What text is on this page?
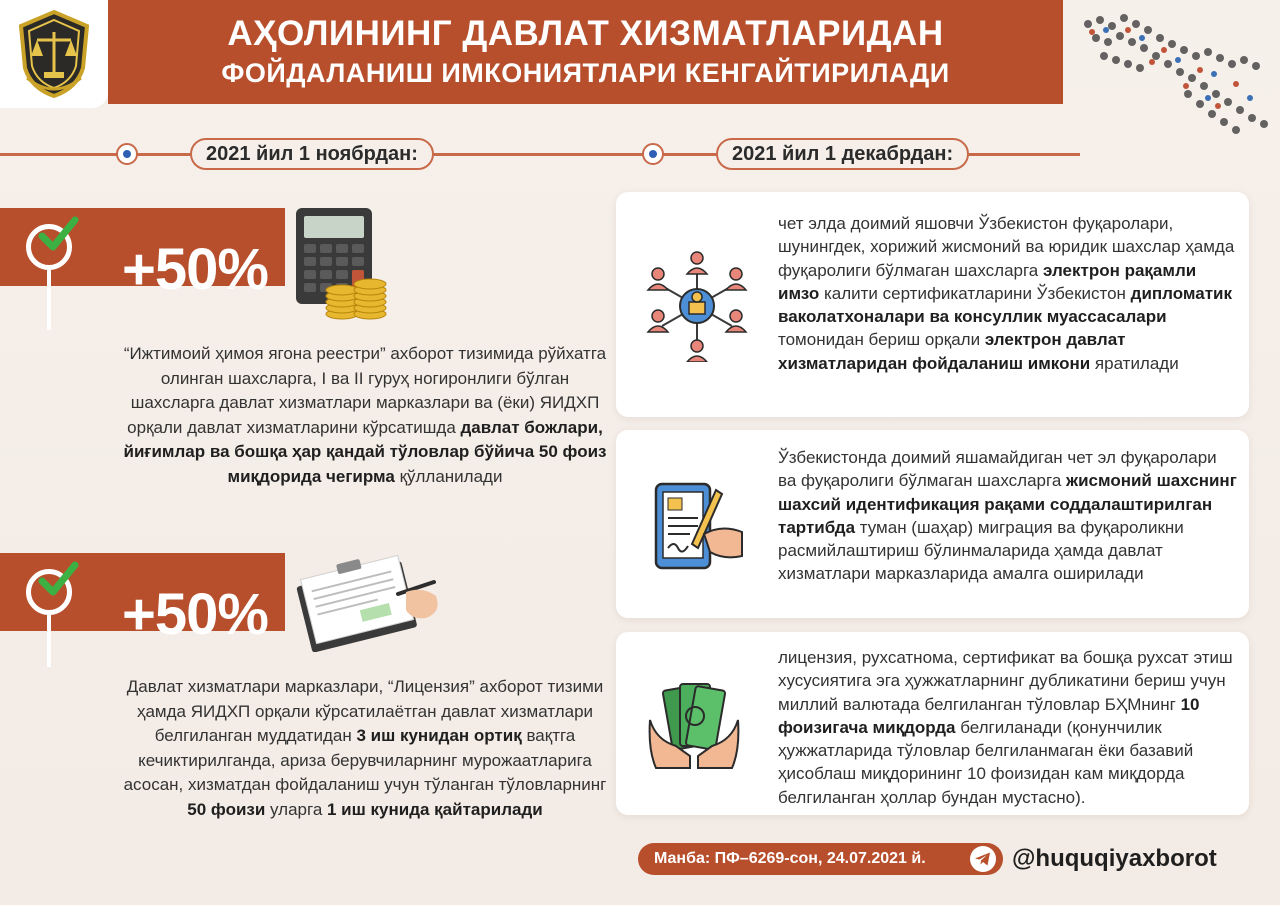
АҲОЛИНИНГ ДАВЛАТ ХИЗМАТЛАРИДАН
ФОЙДАЛАНИШ ИМКОНИЯТЛАРИ КЕНГАЙТИРИЛАДИ
2021 йил 1 ноябрдан:	2021 йил 1 декабрдан:
+50%
“Ижтимоий ҳимоя ягона реестри” ахборот тизимида рўйхатга олинган шахсларга, I ва II гуруҳ ногиронлиги бўлган шахсларга давлат хизматлари марказлари ва (ёки) ЯИДХП орқали давлат хизматларини кўрсатишда давлат божлари, йиғимлар ва бошқа ҳар қандай тўловлар бўйича 50 фоиз миқдорида чегирма қўлланилади
+50%
Давлат хизматлари марказлари, “Лицензия” ахборот тизими ҳамда ЯИДХП орқали кўрсатилаётган давлат хизматлари белгиланган муддатидан 3 иш кунидан ортиқ вақтга кечиктирилганда, ариза берувчиларнинг мурожаатларига асосан, хизматдан фойдаланиш учун тўланган тўловларнинг 50 фоизи уларга 1 иш кунида қайтарилади
чет элда доимий яшовчи Ўзбекистон фуқаролари, шунингдек, хорижий жисмоний ва юридик шахслар ҳамда фуқаролиги бўлмаган шахсларга электрон рақамли имзо калити сертификатларини Ўзбекистон дипломатик ваколатхоналари ва консуллик муассасалари томонидан бериш орқали электрон давлат хизматларидан фойдаланиш имкони яратилади
Ўзбекистонда доимий яшамайдиган чет эл фуқаролари ва фуқаролиги бўлмаган шахсларга жисмоний шахснинг шахсий идентификация рақами соддалаштирилган тартибда туман (шаҳар) миграция ва фуқароликни расмийлаштириш бўлинмаларида ҳамда давлат хизматлари марказларида амалга оширилади
лицензия, рухсатнома, сертификат ва бошқа рухсат этиш хусусиятига эга ҳужжатларнинг дубликатини бериш учун миллий валютада белгиланган тўловлар БҲМнинг 10 фоизигача миқдорда белгиланади (қонунчилик ҳужжатларида тўловлар белгиланмаган ёки базавий ҳисоблаш миқдорининг 10 фоизидан кам миқдорда белгиланган ҳоллар бундан мустасно).
Манба: ПФ–6269-сон, 24.07.2021 й.	@huquqiyaxborot
